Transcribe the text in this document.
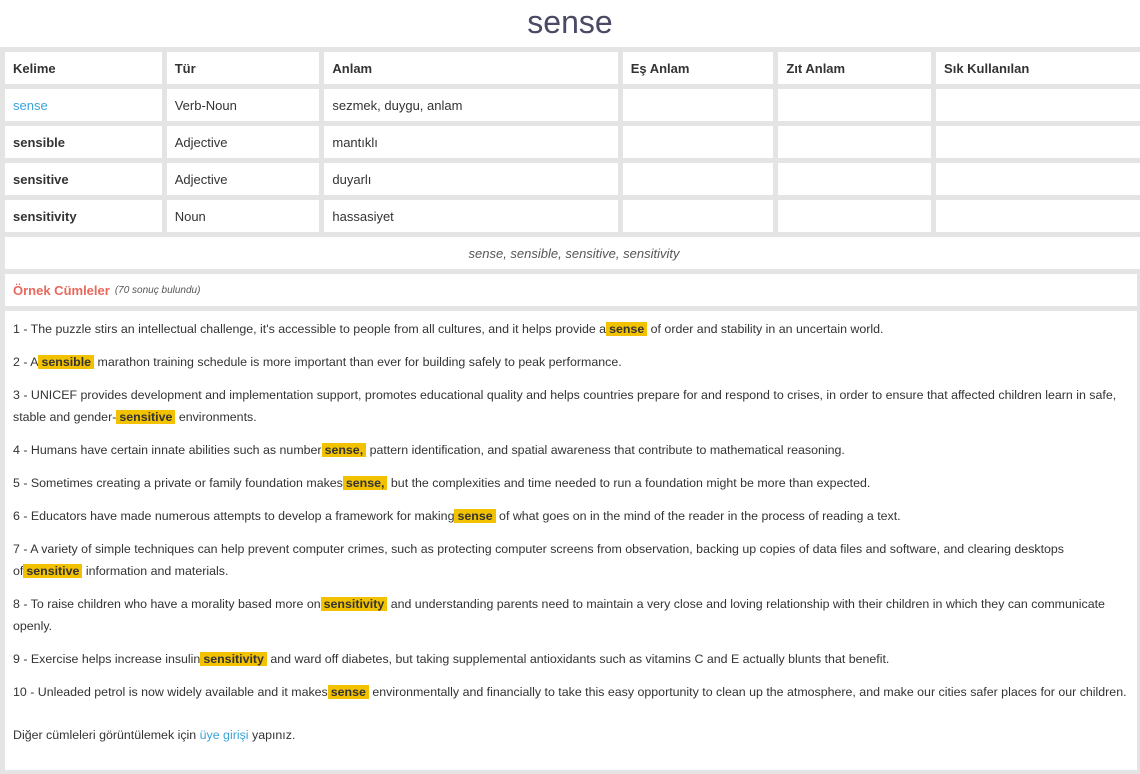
sense
Kelime	Tür	Anlam	Eş Anlam	Zıt Anlam	Sık Kullanılan
sense	Verb-Noun	sezmek, duygu, anlam			
sensible	Adjective	mantıklı			
sensitive	Adjective	duyarlı			
sensitivity	Noun	hassasiyet			
sense, sensible, sensitive, sensitivity					
Örnek Cümleler (70 sonuç bulundu)
1 - The puzzle stirs an intellectual challenge, it's accessible to people from all cultures, and it helps provide a sense of order and stability in an uncertain world.
2 - A sensible marathon training schedule is more important than ever for building safely to peak performance.
3 - UNICEF provides development and implementation support, promotes educational quality and helps countries prepare for and respond to crises, in order to ensure that affected children learn in safe, stable and gender- sensitive environments.
4 - Humans have certain innate abilities such as number sense, pattern identification, and spatial awareness that contribute to mathematical reasoning.
5 - Sometimes creating a private or family foundation makes sense, but the complexities and time needed to run a foundation might be more than expected.
6 - Educators have made numerous attempts to develop a framework for making sense of what goes on in the mind of the reader in the process of reading a text.
7 - A variety of simple techniques can help prevent computer crimes, such as protecting computer screens from observation, backing up copies of data files and software, and clearing desktops of sensitive information and materials.
8 - To raise children who have a morality based more on sensitivity and understanding parents need to maintain a very close and loving relationship with their children in which they can communicate openly.
9 - Exercise helps increase insulin sensitivity and ward off diabetes, but taking supplemental antioxidants such as vitamins C and E actually blunts that benefit.
10 - Unleaded petrol is now widely available and it makes sense environmentally and financially to take this easy opportunity to clean up the atmosphere, and make our cities safer places for our children.
Diğer cümleleri görüntülemek için üye girişi yapınız.
